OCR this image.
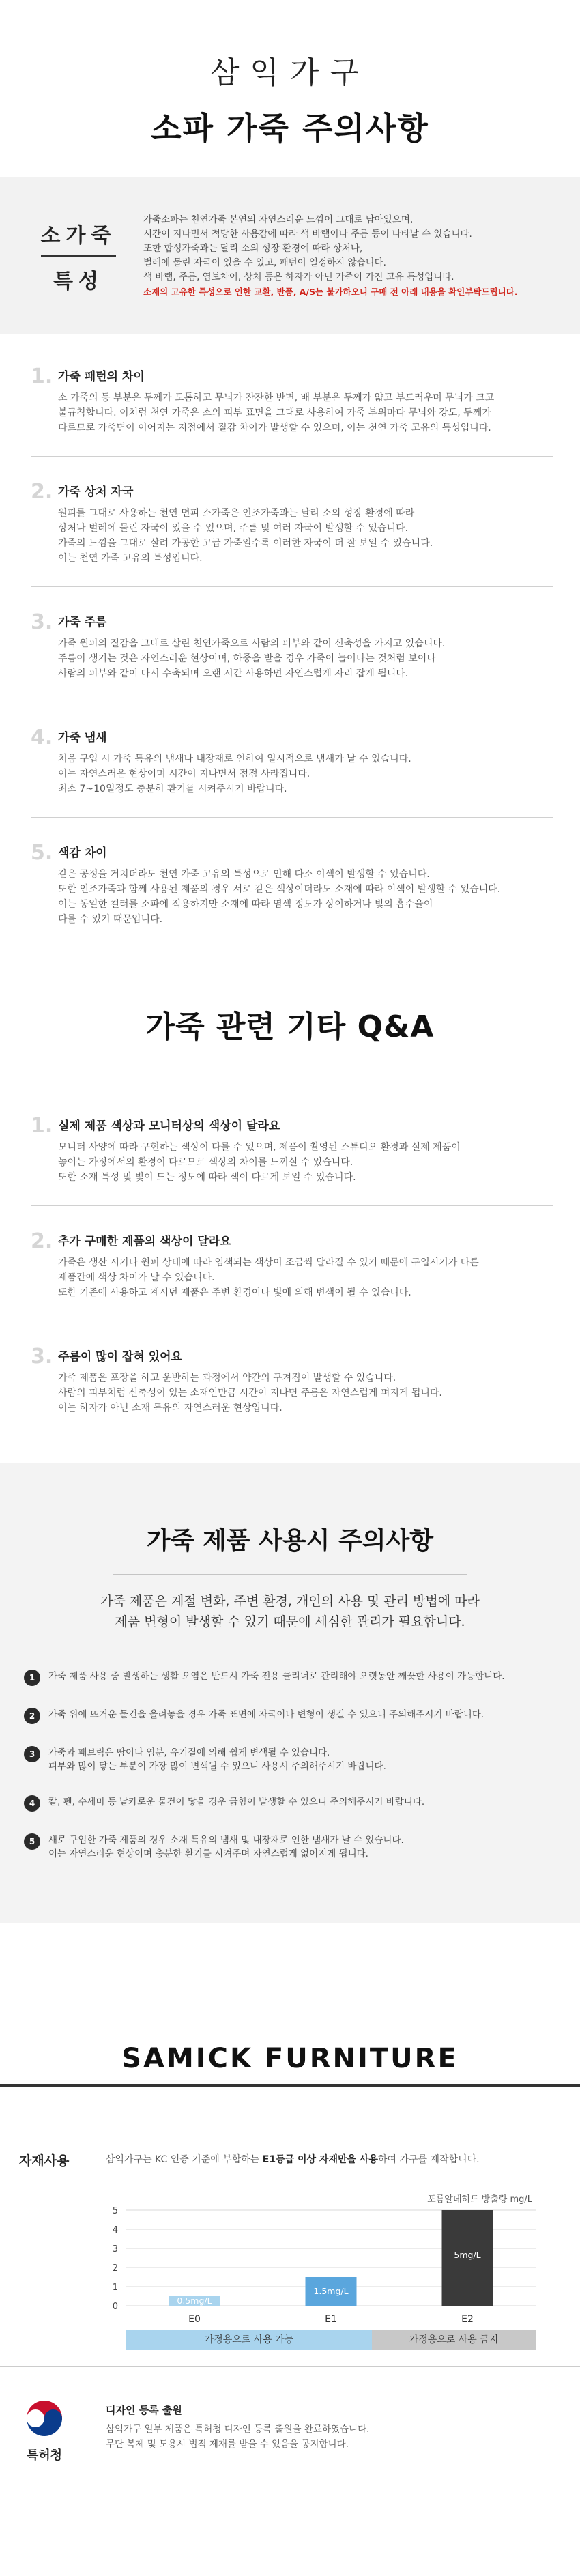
삼익가구
소파 가죽 주의사항
소가죽
특성

가죽소파는 천연가죽 본연의 자연스러운 느낌이 그대로 남아있으며,

시간이 지나면서 적당한 사용감에 따라 색 바램이나 주름 등이 나타날 수 있습니다.

또한 합성가죽과는 달리 소의 성장 환경에 따라 상처나,

벌레에 물린 자국이 있을 수 있고, 패턴이 일정하지 않습니다.

색 바램, 주름, 염보차이, 상처 등은 하자가 아닌 가죽이 가진 고유 특성입니다.

소재의 고유한 특성으로 인한 교환, 반품, A/S는 불가하오니 구매 전 아래 내용을 확인부탁드립니다.

1. 가죽 패턴의 차이

소 가죽의 등 부분은 두께가 도톰하고 무늬가 잔잔한 반면, 배 부분은 두께가 얇고 부드러우며 무늬가 크고

불규칙합니다. 이처럼 천연 가죽은 소의 피부 표면을 그대로 사용하여 가죽 부위마다 무늬와 강도, 두께가

다르므로 가죽면이 이어지는 지점에서 질감 차이가 발생할 수 있으며, 이는 천연 가죽 고유의 특성입니다.

2. 가죽 상처 자국

원피를 그대로 사용하는 천연 면피 소가죽은 인조가죽과는 달리 소의 성장 환경에 따라

상처나 벌레에 물린 자국이 있을 수 있으며, 주름 및 여러 자국이 발생할 수 있습니다.

가죽의 느낌을 그대로 살려 가공한 고급 가죽일수록 이러한 자국이 더 잘 보일 수 있습니다.

이는 천연 가죽 고유의 특성입니다.

3. 가죽 주름

가죽 원피의 질감을 그대로 살린 천연가죽으로 사람의 피부와 같이 신축성을 가지고 있습니다.

주름이 생기는 것은 자연스러운 현상이며, 하중을 받을 경우 가죽이 늘어나는 것처럼 보이나

사람의 피부와 같이 다시 수축되며 오랜 시간 사용하면 자연스럽게 자리 잡게 됩니다.

4. 가죽 냄새

처음 구입 시 가죽 특유의 냄새나 내장재로 인하여 일시적으로 냄새가 날 수 있습니다.

이는 자연스러운 현상이며 시간이 지나면서 점점 사라집니다.

최소 7~10일정도 충분히 환기를 시켜주시기 바랍니다.

5. 색감 차이

같은 공정을 거치더라도 천연 가죽 고유의 특성으로 인해 다소 이색이 발생할 수 있습니다.

또한 인조가죽과 함께 사용된 제품의 경우 서로 같은 색상이더라도 소재에 따라 이색이 발생할 수 있습니다.

이는 동일한 컬러를 소파에 적용하지만 소재에 따라 염색 정도가 상이하거나 빛의 흡수율이

다를 수 있기 때문입니다.

가죽 관련 기타 Q&A
1. 실제 제품 색상과 모니터상의 색상이 달라요

모니터 사양에 따라 구현하는 색상이 다를 수 있으며, 제품이 촬영된 스튜디오 환경과 실제 제품이

놓이는 가정에서의 환경이 다르므로 색상의 차이를 느끼실 수 있습니다.

또한 소재 특성 및 빛이 드는 정도에 따라 색이 다르게 보일 수 있습니다.

2. 추가 구매한 제품의 색상이 달라요

가죽은 생산 시기나 원피 상태에 따라 염색되는 색상이 조금씩 달라질 수 있기 때문에 구입시기가 다른

제품간에 색상 차이가 날 수 있습니다.

또한 기존에 사용하고 계시던 제품은 주변 환경이나 빛에 의해 변색이 될 수 있습니다.

3. 주름이 많이 잡혀 있어요

가죽 제품은 포장을 하고 운반하는 과정에서 약간의 구겨짐이 발생할 수 있습니다.

사람의 피부처럼 신축성이 있는 소재인만큼 시간이 지나면 주름은 자연스럽게 펴지게 됩니다.

이는 하자가 아닌 소재 특유의 자연스러운 현상입니다.

가죽 제품 사용시 주의사항

가죽 제품은 계절 변화, 주변 환경, 개인의 사용 및 관리 방법에 따라

제품 변형이 발생할 수 있기 때문에 세심한 관리가 필요합니다.

1	가죽 제품 사용 중 발생하는 생활 오염은 반드시 가죽 전용 클리너로 관리해야 오랫동안 깨끗한 사용이 가능합니다.

2	가죽 위에 뜨거운 물건을 올려놓을 경우 가죽 표면에 자국이나 변형이 생길 수 있으니 주의해주시기 바랍니다.

3	가죽과 패브릭은 땀이나 염분, 유기질에 의해 쉽게 변색될 수 있습니다.

피부와 많이 닿는 부분이 가장 많이 변색될 수 있으니 사용시 주의해주시기 바랍니다.

4	칼, 펜, 수세미 등 날카로운 물건이 닿을 경우 긁힘이 발생할 수 있으니 주의해주시기 바랍니다.

5	새로 구입한 가죽 제품의 경우 소재 특유의 냄새 및 내장재로 인한 냄새가 날 수 있습니다.

이는 자연스러운 현상이며 충분한 환기를 시켜주며 자연스럽게 없어지게 됩니다.

SAMICK FURNITURE
자재사용	삼익가구는 KC 인증 기준에 부합하는 E1등급 이상 자재만을 사용하여 가구를 제작합니다.
포름알데히드 방출량 mg/L
0
1
2
3
4
5
0.5mg/L
E0
1.5mg/L
E1
5mg/L
E2
가정용으로 사용 가능	가정용으로 사용 금지
특허청
디자인 등록 출원

삼익가구 일부 제품은 특허청 디자인 등록 출원을 완료하였습니다.

무단 복제 및 도용시 법적 제재를 받을 수 있음을 공지합니다.
